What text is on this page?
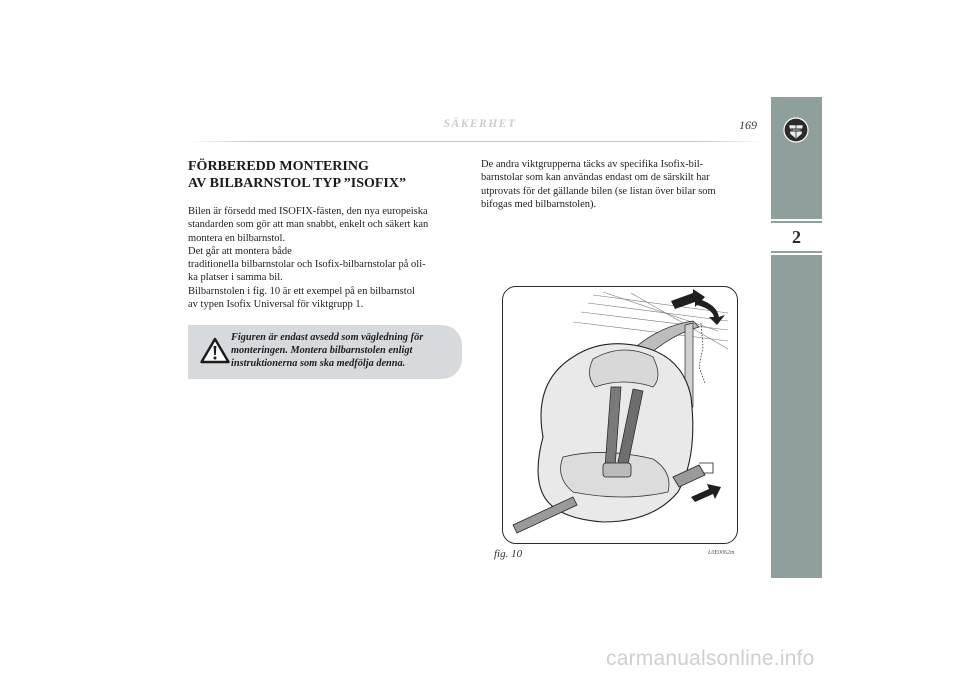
SÄKERHET	169	LANCIA
2
FÖRBEREDD MONTERING
AV BILBARNSTOL TYP ”ISOFIX”

Bilen är försedd med ISOFIX-fästen, den nya europeiska
standarden som gör att man snabbt, enkelt och säkert kan
montera en bilbarnstol.
Det går att montera både
traditionella bilbarnstolar och Isofix-bilbarnstolar på oli-
ka platser i samma bil.
Bilbarnstolen i fig. 10 är ett exempel på en bilbarnstol
av typen Isofix Universal för viktgrupp 1.

Figuren är endast avsedd som vägledning för
monteringen. Montera bilbarnstolen enligt
instruktionerna som ska medfölja denna.

De andra viktgrupperna täcks av specifika Isofix-bil-
barnstolar som kan användas endast om de särskilt har
utprovats för det gällande bilen (se listan över bilar som
bifogas med bilbarnstolen).

fig. 10	L0E0062m
carmanualsonline.info
